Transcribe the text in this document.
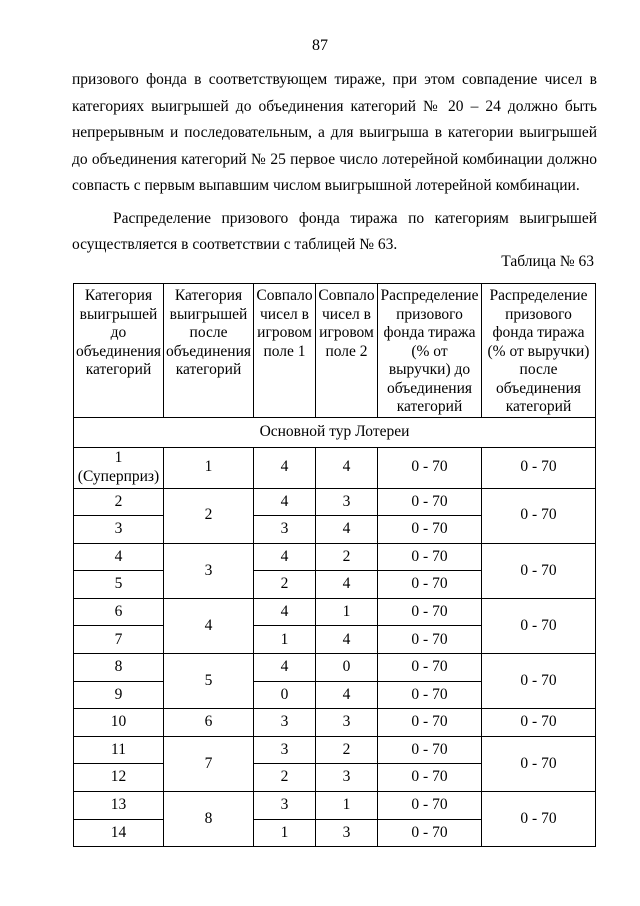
87

призового фонда в соответствующем тираже, при этом совпадение чисел в категориях выигрышей до объединения категорий № 20 – 24 должно быть непрерывным и последовательным, а для выигрыша в категории выигрышей до объединения категорий № 25 первое число лотерейной комбинации должно совпасть с первым выпавшим числом выигрышной лотерейной комбинации.

Распределение призового фонда тиража по категориям выигрышей осуществляется в соответствии с таблицей № 63.

Таблица № 63
Категория выигрышей до объединения категорий	Категория выигрышей после объединения категорий	Совпало чисел в игровом поле 1	Совпало чисел в игровом поле 2	Распределение призового фонда тиража (% от выручки) до объединения категорий	Распределение призового фонда тиража (% от выручки) после объединения категорий
Основной тур Лотереи					
1 (Суперприз)	1	4	4	0 - 70	0 - 70
2	2	4	3	0 - 70	0 - 70
3		3	4	0 - 70	
4	3	4	2	0 - 70	0 - 70
5		2	4	0 - 70	
6	4	4	1	0 - 70	0 - 70
7		1	4	0 - 70	
8	5	4	0	0 - 70	0 - 70
9		0	4	0 - 70	
10	6	3	3	0 - 70	0 - 70
11	7	3	2	0 - 70	0 - 70
12		2	3	0 - 70	
13	8	3	1	0 - 70	0 - 70
14		1	3	0 - 70	
